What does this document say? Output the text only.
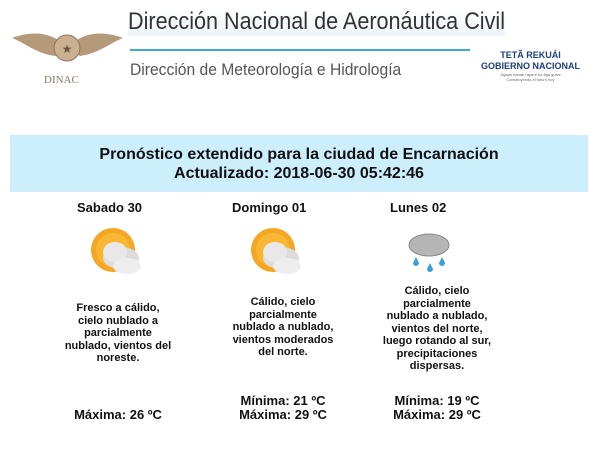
★
DINAC
Dirección Nacional de Aeronáutica Civil
Dirección de Meteorología e Hidrología
TETÃ REKUÁI
GOBIERNO NACIONAL
Jajapo hande rapere ko ãga guive
Construyendo el futuro hoy
Pronóstico extendido para la ciudad de Encarnación
Actualizado: 2018-06-30 05:42:46
Sabado 30
Fresco a cálido, cielo nublado a parcialmente nublado, vientos del noreste.
Máxima: 26 ºC
Domingo 01
Cálido, cielo parcialmente nublado a nublado, vientos moderados del norte.
Mínima: 21 ºC
Máxima: 29 ºC
Lunes 02
Cálido, cielo parcialmente nublado a nublado, vientos del norte, luego rotando al sur, precipitaciones dispersas.
Mínima: 19 ºC
Máxima: 29 ºC
